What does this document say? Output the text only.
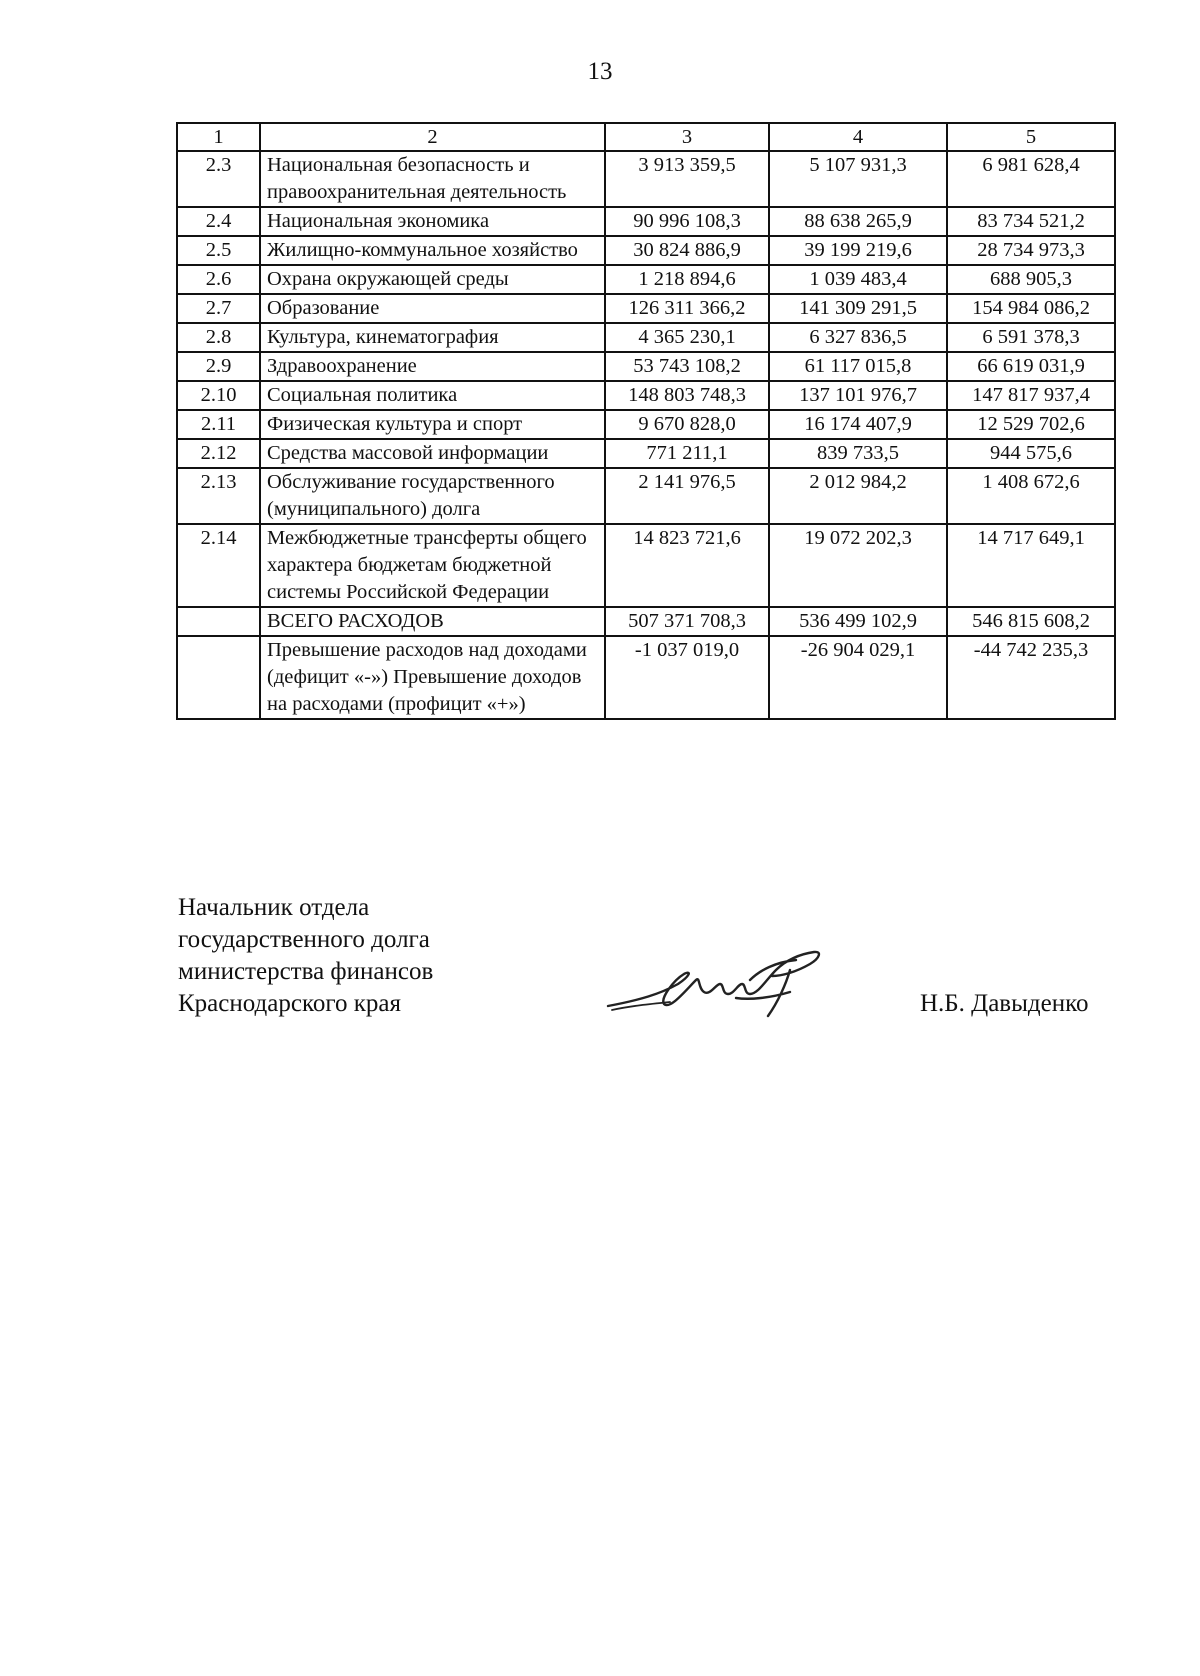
13
1	2	3	4	5
2.3	Национальная безопасность и правоохранительная деятельность	3 913 359,5	5 107 931,3	6 981 628,4
2.4	Национальная экономика	90 996 108,3	88 638 265,9	83 734 521,2
2.5	Жилищно-коммунальное хозяйство	30 824 886,9	39 199 219,6	28 734 973,3
2.6	Охрана окружающей среды	1 218 894,6	1 039 483,4	688 905,3
2.7	Образование	126 311 366,2	141 309 291,5	154 984 086,2
2.8	Культура, кинематография	4 365 230,1	6 327 836,5	6 591 378,3
2.9	Здравоохранение	53 743 108,2	61 117 015,8	66 619 031,9
2.10	Социальная политика	148 803 748,3	137 101 976,7	147 817 937,4
2.11	Физическая культура и спорт	9 670 828,0	16 174 407,9	12 529 702,6
2.12	Средства массовой информации	771 211,1	839 733,5	944 575,6
2.13	Обслуживание государственного (муниципального) долга	2 141 976,5	2 012 984,2	1 408 672,6
2.14	Межбюджетные трансферты общего характера бюджетам бюджетной системы Российской Федерации	14 823 721,6	19 072 202,3	14 717 649,1
	ВСЕГО РАСХОДОВ	507 371 708,3	536 499 102,9	546 815 608,2
	Превышение расходов над доходами (дефицит «-») Превышение доходов на расходами (профицит «+»)	-1 037 019,0	-26 904 029,1	-44 742 235,3
Начальник отдела
государственного долга
министерства финансов
Краснодарского края	Н.Б. Давыденко
